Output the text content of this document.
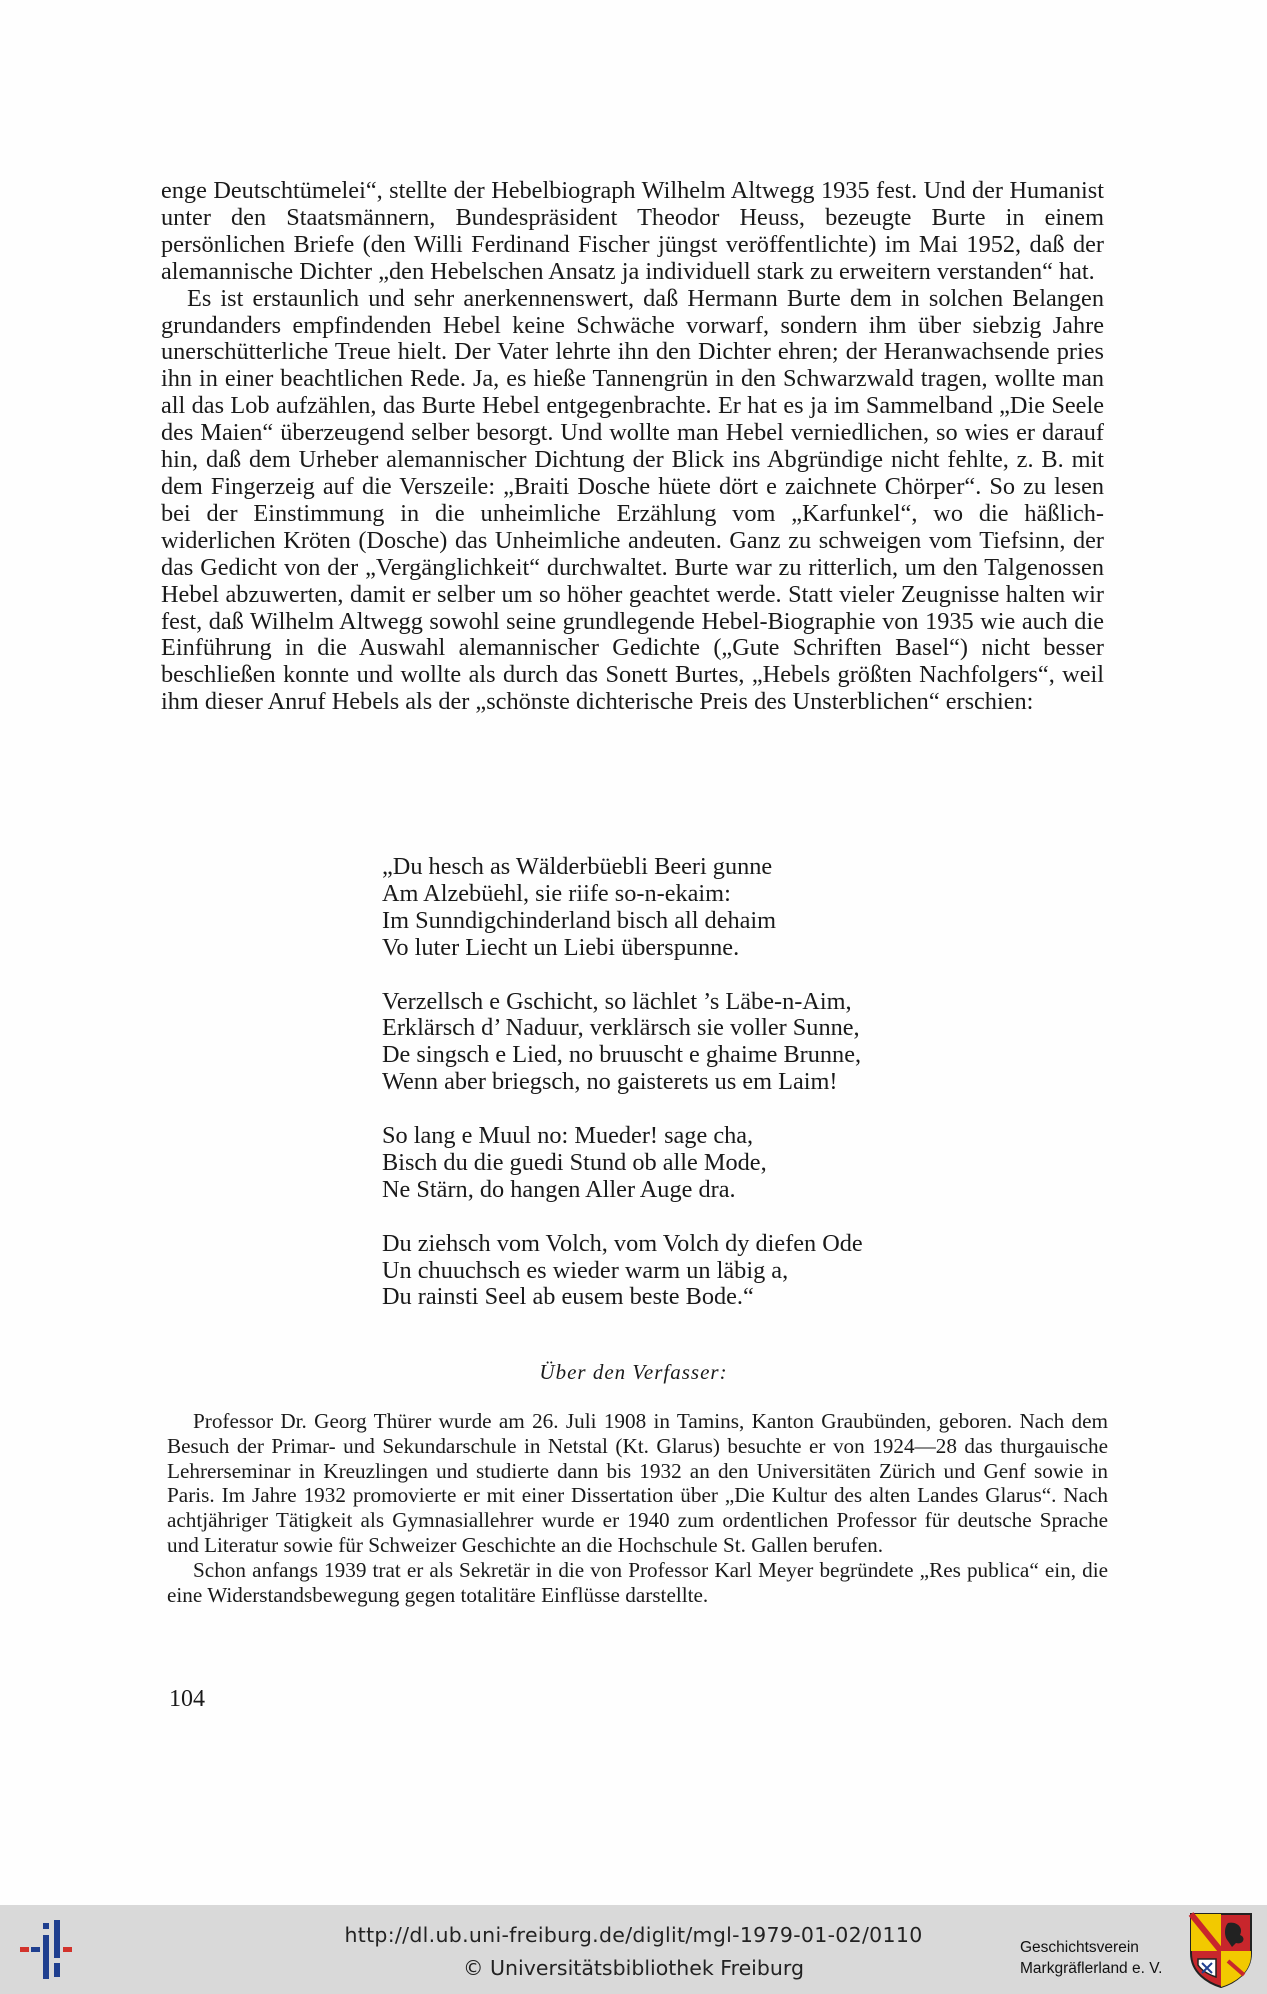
enge Deutschtümelei“, stellte der Hebelbiograph Wilhelm Altwegg 1935 fest. Und der Humanist unter den Staatsmännern, Bundespräsident Theodor Heuss, bezeugte Burte in einem persönlichen Briefe (den Willi Ferdinand Fischer jüngst veröffentlichte) im Mai 1952, daß der alemannische Dichter „den Hebelschen Ansatz ja individuell stark zu erweitern verstanden“ hat.

Es ist erstaunlich und sehr anerkennenswert, daß Hermann Burte dem in solchen Belangen grundanders empfindenden Hebel keine Schwäche vorwarf, sondern ihm über siebzig Jahre unerschütterliche Treue hielt. Der Vater lehrte ihn den Dichter ehren; der Heranwachsende pries ihn in einer beachtlichen Rede. Ja, es hieße Tannengrün in den Schwarzwald tragen, wollte man all das Lob aufzählen, das Burte Hebel entgegenbrachte. Er hat es ja im Sammelband „Die Seele des Maien“ überzeugend selber besorgt. Und wollte man Hebel verniedlichen, so wies er darauf hin, daß dem Urheber alemannischer Dichtung der Blick ins Abgründige nicht fehlte, z. B. mit dem Fingerzeig auf die Verszeile: „Braiti Dosche hüete dört e zaichnete Chörper“. So zu lesen bei der Einstimmung in die unheimliche Erzählung vom „Karfunkel“, wo die häßlich-widerlichen Kröten (Dosche) das Unheimliche andeuten. Ganz zu schweigen vom Tiefsinn, der das Gedicht von der „Vergänglichkeit“ durchwaltet. Burte war zu ritterlich, um den Talgenossen Hebel abzuwerten, damit er selber um so höher geachtet werde. Statt vieler Zeugnisse halten wir fest, daß Wilhelm Altwegg sowohl seine grundlegende Hebel-Biographie von 1935 wie auch die Einführung in die Auswahl alemannischer Gedichte („Gute Schriften Basel“) nicht besser beschließen konnte und wollte als durch das Sonett Burtes, „Hebels größten Nachfolgers“, weil ihm dieser Anruf Hebels als der „schönste dichterische Preis des Unsterblichen“ erschien:

„Du hesch as Wälderbüebli Beeri gunne
Am Alzebüehl, sie riife so-n-ekaim:
Im Sunndigchinderland bisch all dehaim
Vo luter Liecht un Liebi überspunne.
Verzellsch e Gschicht, so lächlet ’s Läbe-n-Aim,
Erklärsch d’ Naduur, verklärsch sie voller Sunne,
De singsch e Lied, no bruuscht e ghaime Brunne,
Wenn aber briegsch, no gaisterets us em Laim!
So lang e Muul no: Mueder! sage cha,
Bisch du die guedi Stund ob alle Mode,
Ne Stärn, do hangen Aller Auge dra.
Du ziehsch vom Volch, vom Volch dy diefen Ode
Un chuuchsch es wieder warm un läbig a,
Du rainsti Seel ab eusem beste Bode.“
Über den Verfasser:

Professor Dr. Georg Thürer wurde am 26. Juli 1908 in Tamins, Kanton Graubünden, geboren. Nach dem Besuch der Primar- und Sekundarschule in Netstal (Kt. Glarus) besuchte er von 1924—28 das thurgauische Lehrerseminar in Kreuzlingen und studierte dann bis 1932 an den Universitäten Zürich und Genf sowie in Paris. Im Jahre 1932 promovierte er mit einer Dissertation über „Die Kultur des alten Landes Glarus“. Nach achtjähriger Tätigkeit als Gymnasiallehrer wurde er 1940 zum ordentlichen Professor für deutsche Sprache und Literatur sowie für Schweizer Geschichte an die Hochschule St. Gallen berufen.

Schon anfangs 1939 trat er als Sekretär in die von Professor Karl Meyer begründete „Res publica“ ein, die eine Widerstandsbewegung gegen totalitäre Einflüsse darstellte.

104
http://dl.ub.uni-freiburg.de/diglit/mgl-1979-01-02/0110
© Universitätsbibliothek Freiburg
Geschichtsverein
Markgräflerland e. V.
